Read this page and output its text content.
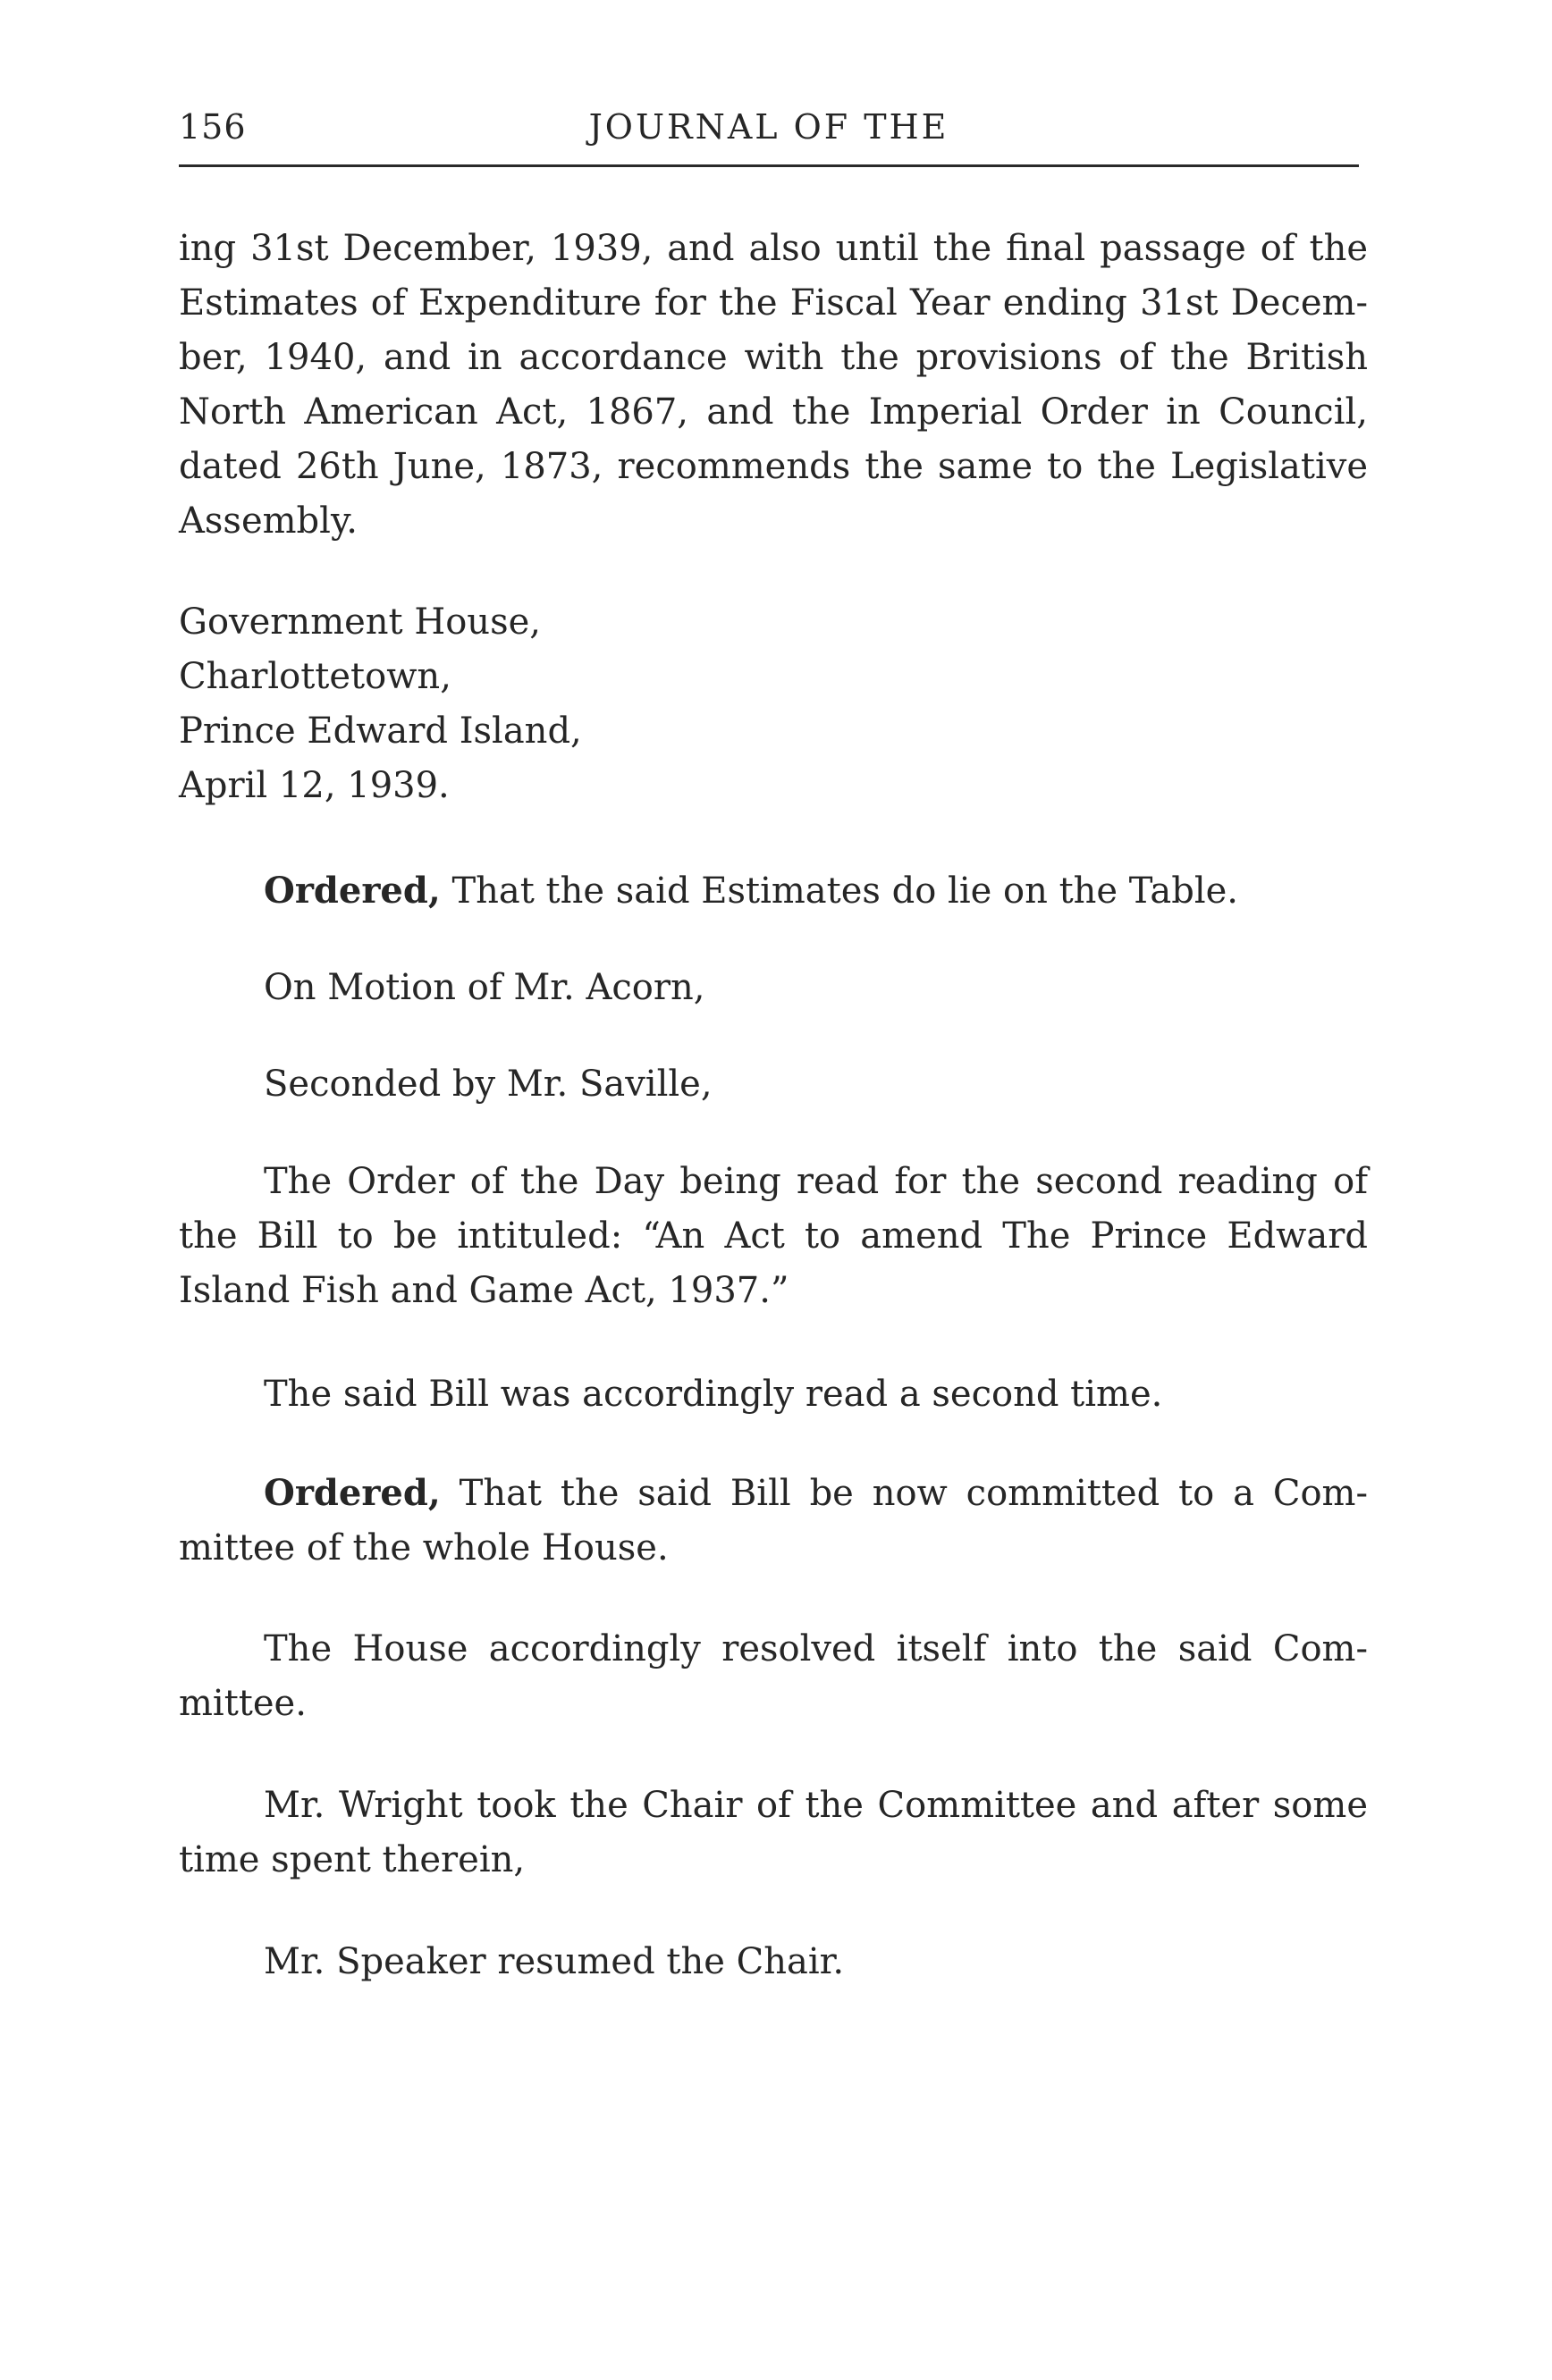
156	JOURNAL OF THE
ing 31st December, 1939, and also until the final passage of the
Estimates of Expenditure for the Fiscal Year ending 31st Decem-
ber, 1940, and in accordance with the provisions of the British
North American Act, 1867, and the Imperial Order in Council,
dated 26th June, 1873, recommends the same to the Legislative
Assembly.
Government House,
Charlottetown,
Prince Edward Island,
April 12, 1939.
Ordered, That the said Estimates do lie on the Table.
On Motion of Mr. Acorn,
Seconded by Mr. Saville,
The Order of the Day being read for the second reading of
the Bill to be intituled: “An Act to amend The Prince Edward
Island Fish and Game Act, 1937.”
The said Bill was accordingly read a second time.
Ordered, That the said Bill be now committed to a Com-
mittee of the whole House.
The House accordingly resolved itself into the said Com-
mittee.
Mr. Wright took the Chair of the Committee and after some
time spent therein,
Mr. Speaker resumed the Chair.
